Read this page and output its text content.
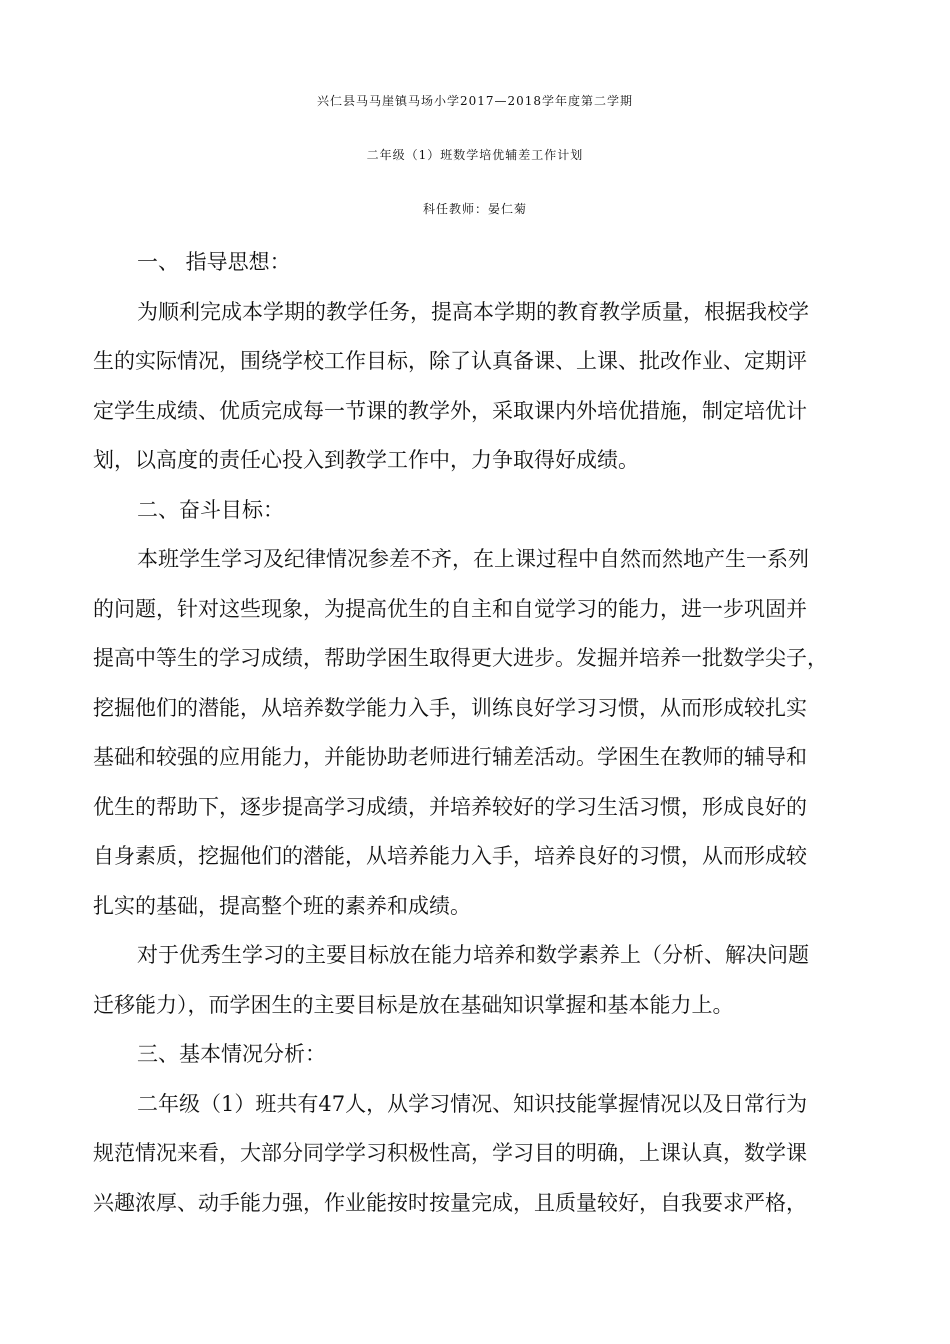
兴仁县马马崖镇马场小学2017—2018学年度第二学期
二年级（1）班数学培优辅差工作计划
科任教师：晏仁菊
一、 指导思想：
为顺利完成本学期的教学任务，提高本学期的教育教学质量，根据我校学
生的实际情况，围绕学校工作目标，除了认真备课、上课、批改作业、定期评
定学生成绩、优质完成每一节课的教学外，采取课内外培优措施，制定培优计
划，以高度的责任心投入到教学工作中，力争取得好成绩。
二、奋斗目标：
本班学生学习及纪律情况参差不齐，在上课过程中自然而然地产生一系列
的问题，针对这些现象，为提高优生的自主和自觉学习的能力，进一步巩固并
提高中等生的学习成绩，帮助学困生取得更大进步。发掘并培养一批数学尖子，
挖掘他们的潜能，从培养数学能力入手，训练良好学习习惯，从而形成较扎实
基础和较强的应用能力，并能协助老师进行辅差活动。学困生在教师的辅导和
优生的帮助下，逐步提高学习成绩，并培养较好的学习生活习惯，形成良好的
自身素质，挖掘他们的潜能，从培养能力入手，培养良好的习惯，从而形成较
扎实的基础，提高整个班的素养和成绩。
对于优秀生学习的主要目标放在能力培养和数学素养上（分析、解决问题
迁移能力），而学困生的主要目标是放在基础知识掌握和基本能力上。
三、基本情况分析：
二年级（1）班共有47人，从学习情况、知识技能掌握情况以及日常行为
规范情况来看，大部分同学学习积极性高，学习目的明确，上课认真，数学课
兴趣浓厚、动手能力强，作业能按时按量完成，且质量较好，自我要求严格，
